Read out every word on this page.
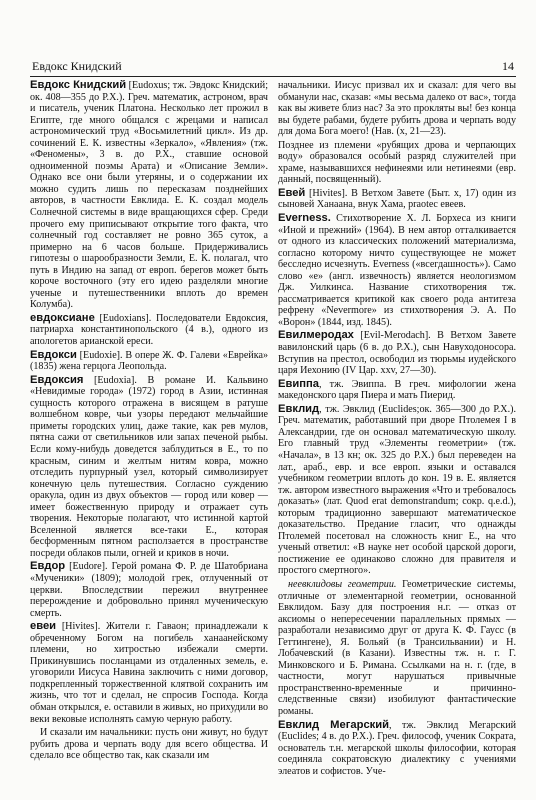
Евдокс Книдский	14

Евдокс Книдский [Eudoxus; тж. Эвдокс Книдский; ок. 408—355 до Р.Х.). Греч. математик, астроном, врач и писатель, ученик Платона. Несколько лет прожил в Египте, где много общался с жрецами и написал астрономический труд «Восьмилетний цикл». Из др. сочинений Е. К. известны «Зеркало», «Явления» (тж. «Феномены», 3 в. до Р.Х., ставшие основой одноименной поэмы Арата) и «Описание Земли». Однако все они были утеряны, и о содержании их можно судить лишь по пересказам позднейших авторов, в частности Евклида. Е. К. создал модель Солнечной системы в виде вращающихся сфер. Среди прочего ему приписывают открытие того факта, что солнечный год составляет не ровно 365 суток, а примерно на 6 часов больше. Придерживались гипотезы о шарообразности Земли, Е. К. полагал, что путь в Индию на запад от европ. берегов может быть короче восточного (эту его идею разделяли многие ученые и путешественники вплоть до времен Колумба).

евдоксиане [Eudoxians]. Последователи Евдоксия, патриарха константинопольского (4 в.), одного из апологетов арианской ереси.

Евдокси [Eudoxie]. В опере Ж. Ф. Галеви «Еврейка» (1835) жена герцога Леопольда.

Евдоксия [Eudoxia]. В романе И. Кальвино «Невидимые города» (1972) город в Азии, истинная сущность которого отражена в висящем в ратуше волшебном ковре, чьи узоры передают мельчайшие приметы городских улиц, даже такие, как рев мулов, пятна сажи от светильников или запах печеной рыбы. Если кому-нибудь доведется заблудиться в Е., то по красным, синим и желтым нитям ковра, можно отследить пурпурный узел, который символизирует конечную цель путешествия. Согласно суждению оракула, один из двух объектов — город или ковер — имеет божественную природу и отражает суть творения. Некоторые полагают, что истинной картой Вселенной является все-таки Е., которая бесформенным пятном расползается в пространстве посреди облаков пыли, огней и криков в ночи.

Евдор [Eudore]. Герой романа Ф. Р. де Шатобриана «Мученики» (1809); молодой грек, отлученный от церкви. Впоследствии пережил внутреннее перерождение и добровольно принял мученическую смерть.

евеи [Hivites]. Жители г. Гаваон; принадлежали к обреченному Богом на погибель ханаанейскому племени, но хитростью избежали смерти. Прикинувшись посланцами из отдаленных земель, е. уговорили Иисуса Навина заключить с ними договор, подкрепленный торжественной клятвой сохранить им жизнь, что тот и сделал, не спросив Господа. Когда обман открылся, е. оставили в живых, но прихудили во веки вековые исполнять самую черную работу.

И сказали им начальники: пусть они живут, но будут рубить дрова и черпать воду для всего общества. И сделало все общество так, как сказали им

начальники. Иисус призвал их и сказал: для чего вы обманули нас, сказав: «мы весьма далеко от вас», тогда как вы живете близ нас? За это прокляты вы! без конца вы будете рабами, будете рубить дрова и черпать воду для дома Бога моего! (Нав. (х, 21—23).

Позднее из племени «рубящих дрова и черпающих воду» образовался особый разряд служителей при храме, называвшихся нефинеями или нетинеями (евр. данный, посвященный).

Евей [Hivites]. В Ветхом Завете (Быт. x, 17) один из сыновей Ханаана, внук Хама, praotec евеев.

Everness. Стихотворение Х. Л. Борхеса из книги «Иной и прежний» (1964). В нем автор отталкивается от одного из классических положений материализма, согласно которому ничто существующее не может бесследно исчезнуть. Everness («всегдашность»). Само слово «е» (англ. извечность) является неологизмом Дж. Уилкинса. Название стихотворения тж. рассматривается критикой как своего рода антитеза рефрену «Nevermore» из стихотворения Э. А. По «Ворон» (1844, изд. 1845).

Евилмеродах [Evil-Merodach]. В Ветхом Завете вавилонский царь (6 в. до Р.Х.), сын Навуходоносора. Вступив на престол, освободил из тюрьмы иудейского царя Иехонию (IV Цар. xxv, 27—30).

Евиппа, тж. Эвиппа. В греч. мифологии жена македонского царя Пиера и мать Пиерид.

Евклид, тж. Эвклид (Euclides;ок. 365—300 до Р.Х.). Греч. математик, работавший при дворе Птолемея I в Александрии, где он основал математическую школу. Его главный труд «Элементы геометрии» (тж. «Начала», в 13 кн; ок. 325 до Р.Х.) был переведен на лат., араб., евр. и все европ. языки и оставался учебником геометрии вплоть до кон. 19 в. Е. является тж. автором известного выражения «Что и требовалось доказать» (лат. Quod erat demonstrandum; сокр. q.e.d.), которым традиционно завершают математическое доказательство. Предание гласит, что однажды Птолемей посетовал на сложность книг Е., на что ученый ответил: «В науке нет особой царской дороги, постижение ее одинаково сложно для правителя и простого смертного».

неевклидовы геометрии. Геометрические системы, отличные от элементарной геометрии, основанной Евклидом. Базу для построения н.г. — отказ от аксиомы о непересечении параллельных прямых — разработали независимо друг от друга К. Ф. Гаусс (в Геттингене), Я. Больяй (в Трансильвании) и Н. Лобачевский (в Казани). Известны тж. н. г. Г. Минковского и Б. Римана. Ссылками на н. г. (где, в частности, могут нарушаться привычные пространственно-временные и причинно-следственные связи) изобилуют фантастические романы.

Евклид Мегарский, тж. Эвклид Мегарский (Euclides; 4 в. до Р.Х.). Греч. философ, ученик Сократа, основатель т.н. мегарской школы философии, которая соединяла сократовскую диалектику с учениями элеатов и софистов. Уче-
